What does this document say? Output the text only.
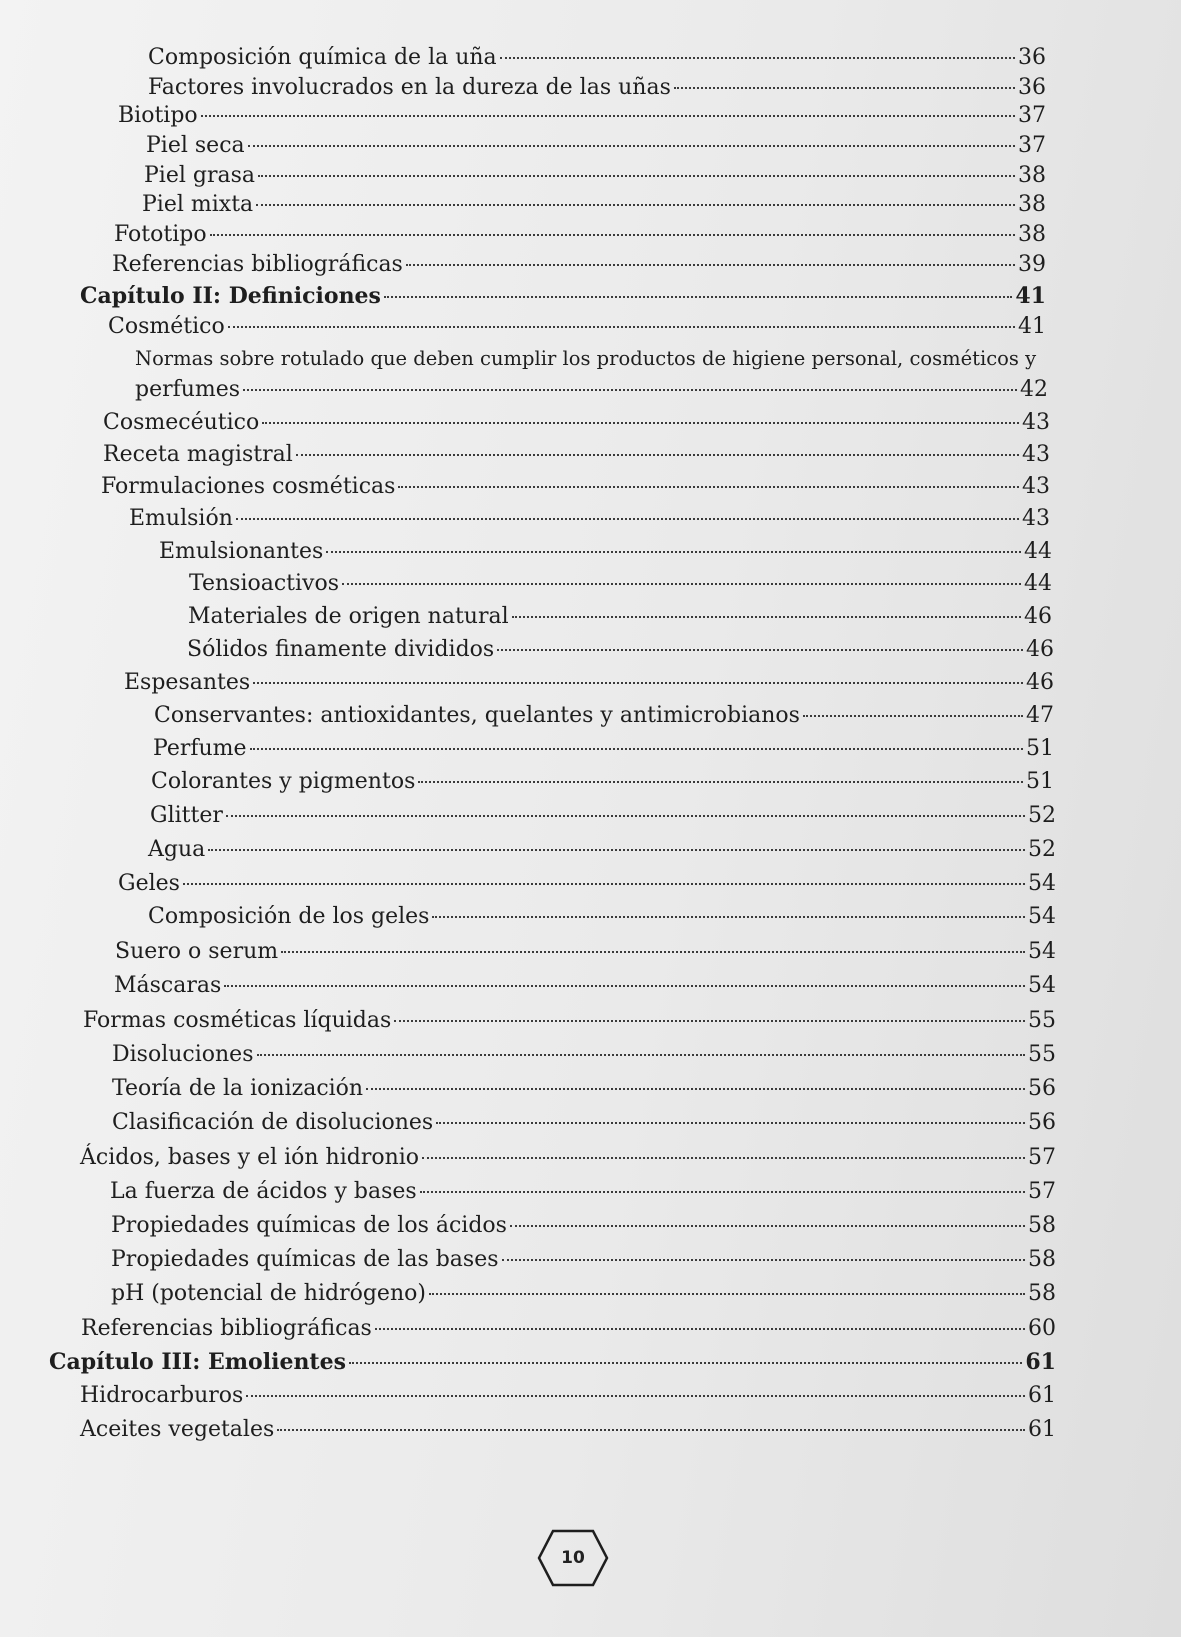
Composición química de la uña	36
Factores involucrados en la dureza de las uñas	36
Biotipo	37
Piel seca	37
Piel grasa	38
Piel mixta	38
Fototipo	38
Referencias bibliográficas	39
Capítulo II: Definiciones	41
Cosmético	41
Normas sobre rotulado que deben cumplir los productos de higiene personal, cosméticos y
perfumes	42
Cosmecéutico	43
Receta magistral	43
Formulaciones cosméticas	43
Emulsión	43
Emulsionantes	44
Tensioactivos	44
Materiales de origen natural	46
Sólidos finamente divididos	46
Espesantes	46
Conservantes: antioxidantes, quelantes y antimicrobianos	47
Perfume	51
Colorantes y pigmentos	51
Glitter	52
Agua	52
Geles	54
Composición de los geles	54
Suero o serum	54
Máscaras	54
Formas cosméticas líquidas	55
Disoluciones	55
Teoría de la ionización	56
Clasificación de disoluciones	56
Ácidos, bases y el ión hidronio	57
La fuerza de ácidos y bases	57
Propiedades químicas de los ácidos	58
Propiedades químicas de las bases	58
pH (potencial de hidrógeno)	58
Referencias bibliográficas	60
Capítulo III: Emolientes	61
Hidrocarburos	61
Aceites vegetales	61
10
